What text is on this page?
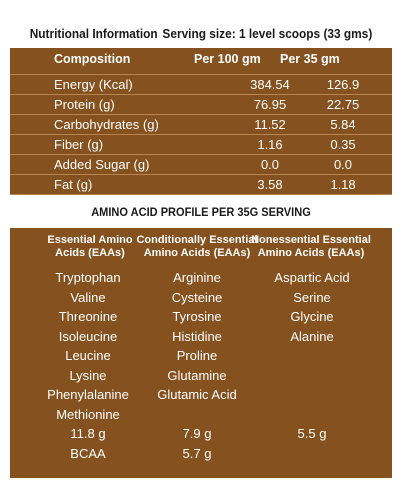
Nutritional Information Serving size: 1 level scoops (33 gms)
Composition	Per 100 gm Per 35 gm
Energy (Kcal)	384.54	126.9
Protein (g)	76.95	22.75
Carbohydrates (g)	11.52	5.84
Fiber (g)	1.16	0.35
Added Sugar (g)	0.0	0.0
Fat (g)	3.58	1.18
AMINO ACID PROFILE PER 35G SERVING
Essential Amino
Acids (EAAs)
Conditionally Essential
Amino Acids (EAAs)
Nonessential Essential
Amino Acids (EAAs)
Tryptophan	Arginine	Aspartic Acid
Valine	Cysteine	Serine
Threonine	Tyrosine	Glycine
Isoleucine	Histidine	Alanine
Leucine	Proline
Lysine	Glutamine
Phenylalanine	Glutamic Acid
Methionine
11.8 g	7.9 g	5.5 g
BCAA	5.7 g
